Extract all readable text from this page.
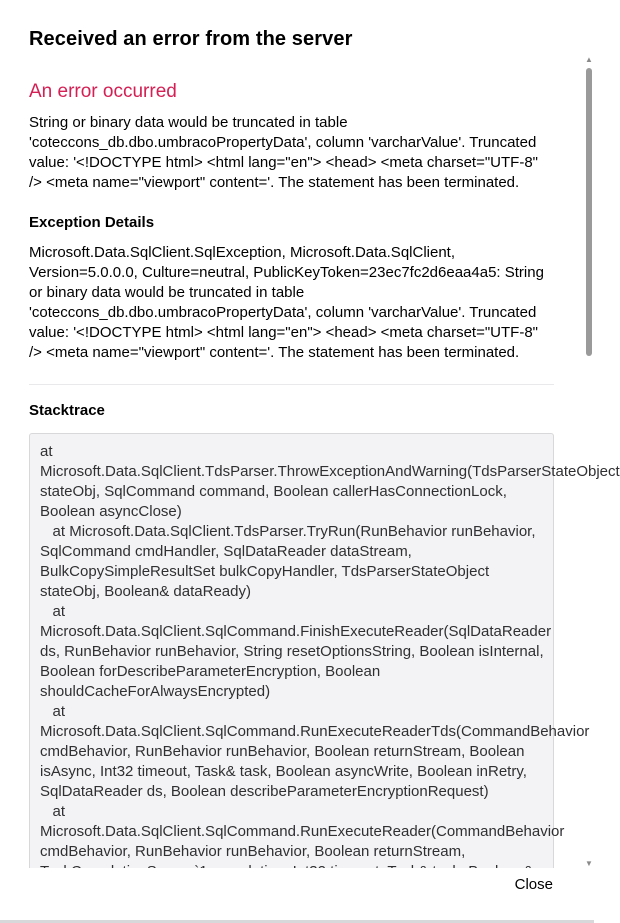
Received an error from the server
An error occurred

String or binary data would be truncated in table 'coteccons_db.dbo.umbracoPropertyData', column 'varcharValue'. Truncated value: '<!DOCTYPE html> <html lang="en"> <head> <meta charset="UTF-8" /> <meta name="viewport" content='. The statement has been terminated.

Exception Details

Microsoft.Data.SqlClient.SqlException, Microsoft.Data.SqlClient, Version=5.0.0.0, Culture=neutral, PublicKeyToken=23ec7fc2d6eaa4a5: String or binary data would be truncated in table 'coteccons_db.dbo.umbracoPropertyData', column 'varcharValue'. Truncated value: '<!DOCTYPE html> <html lang="en"> <head> <meta charset="UTF-8" /> <meta name="viewport" content='. The statement has been terminated.

Stacktrace
at
Microsoft.Data.SqlClient.TdsParser.ThrowExceptionAndWarning(TdsParserStateObject stateObj, SqlCommand command, Boolean callerHasConnectionLock, Boolean asyncClose)
at Microsoft.Data.SqlClient.TdsParser.TryRun(RunBehavior runBehavior, SqlCommand cmdHandler, SqlDataReader dataStream, BulkCopySimpleResultSet bulkCopyHandler, TdsParserStateObject stateObj, Boolean& dataReady)
at
Microsoft.Data.SqlClient.SqlCommand.FinishExecuteReader(SqlDataReader ds, RunBehavior runBehavior, String resetOptionsString, Boolean isInternal, Boolean forDescribeParameterEncryption, Boolean shouldCacheForAlwaysEncrypted)
at
Microsoft.Data.SqlClient.SqlCommand.RunExecuteReaderTds(CommandBehavior cmdBehavior, RunBehavior runBehavior, Boolean returnStream, Boolean isAsync, Int32 timeout, Task& task, Boolean asyncWrite, Boolean inRetry, SqlDataReader ds, Boolean describeParameterEncryptionRequest)
at
Microsoft.Data.SqlClient.SqlCommand.RunExecuteReader(CommandBehavior cmdBehavior, RunBehavior runBehavior, Boolean returnStream,
▲
▼
Close
